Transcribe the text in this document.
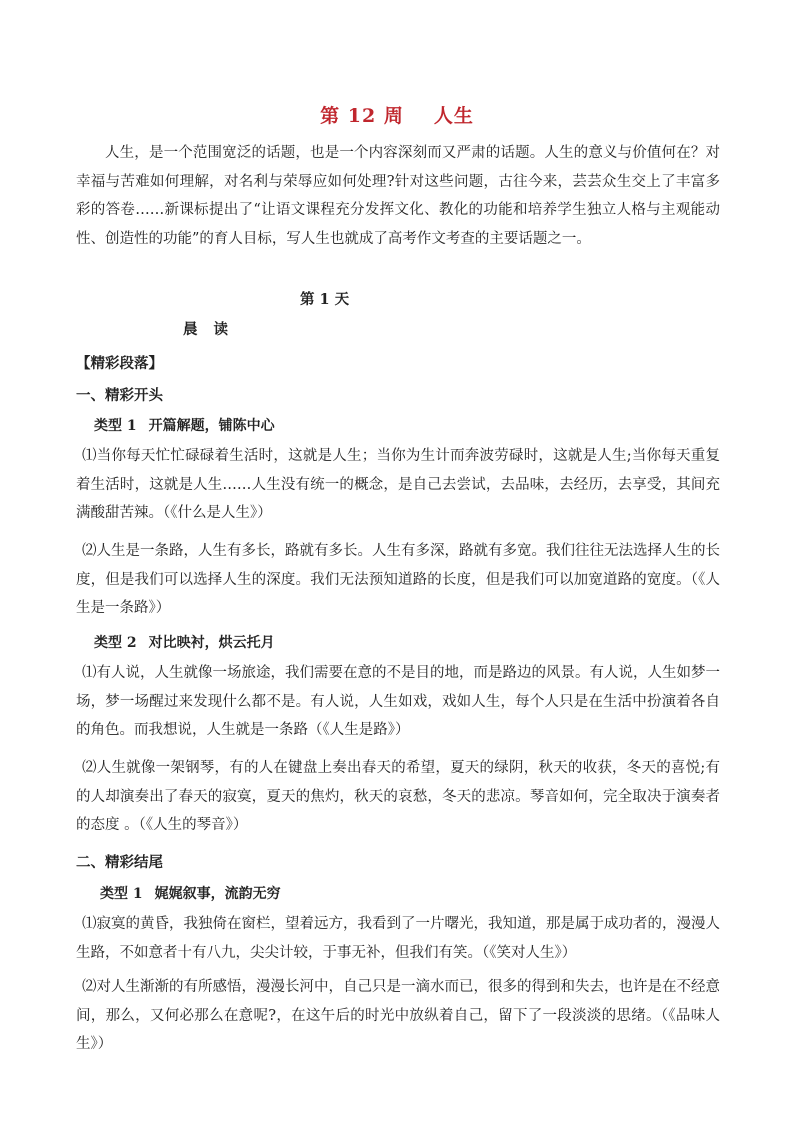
第 12 周 人生

人生，是一个范围宽泛的话题，也是一个内容深刻而又严肃的话题。人生的意义与价值何在？对幸福与苦难如何理解，对名利与荣辱应如何处理?针对这些问题，古往今来，芸芸众生交上了丰富多彩的答卷……新课标提出了“让语文课程充分发挥文化、教化的功能和培养学生独立人格与主观能动性、创造性的功能”的育人目标，写人生也就成了高考作文考查的主要话题之一。

第 1 天
晨读

【精彩段落】

一、精彩开头

类型 1 开篇解题，铺陈中心

⑴当你每天忙忙碌碌着生活时，这就是人生；当你为生计而奔波劳碌时，这就是人生;当你每天重复着生活时，这就是人生……人生没有统一的概念，是自己去尝试，去品味，去经历，去享受，其间充满酸甜苦辣。（《什么是人生》）

⑵人生是一条路，人生有多长，路就有多长。人生有多深，路就有多宽。我们往往无法选择人生的长度，但是我们可以选择人生的深度。我们无法预知道路的长度，但是我们可以加宽道路的宽度。（《人生是一条路》）

类型 2 对比映衬，烘云托月

⑴有人说，人生就像一场旅途，我们需要在意的不是目的地，而是路边的风景。有人说，人生如梦一场，梦一场醒过来发现什么都不是。有人说，人生如戏，戏如人生，每个人只是在生活中扮演着各自的角色。而我想说，人生就是一条路（《人生是路》）

⑵人生就像一架钢琴，有的人在键盘上奏出春天的希望，夏天的绿阴，秋天的收获，冬天的喜悦;有的人却演奏出了春天的寂寞，夏天的焦灼，秋天的哀愁，冬天的悲凉。琴音如何，完全取决于演奏者的态度 。（《人生的琴音》）

二、精彩结尾

类型 1 娓娓叙事，流韵无穷

⑴寂寞的黄昏，我独倚在窗栏，望着远方，我看到了一片曙光，我知道，那是属于成功者的，漫漫人生路，不如意者十有八九，尖尖计较，于事无补，但我们有笑。（《笑对人生》）

⑵对人生渐渐的有所感悟，漫漫长河中，自己只是一滴水而已，很多的得到和失去，也许是在不经意间，那么，又何必那么在意呢?，在这午后的时光中放纵着自己，留下了一段淡淡的思绪。（《品味人生》）
